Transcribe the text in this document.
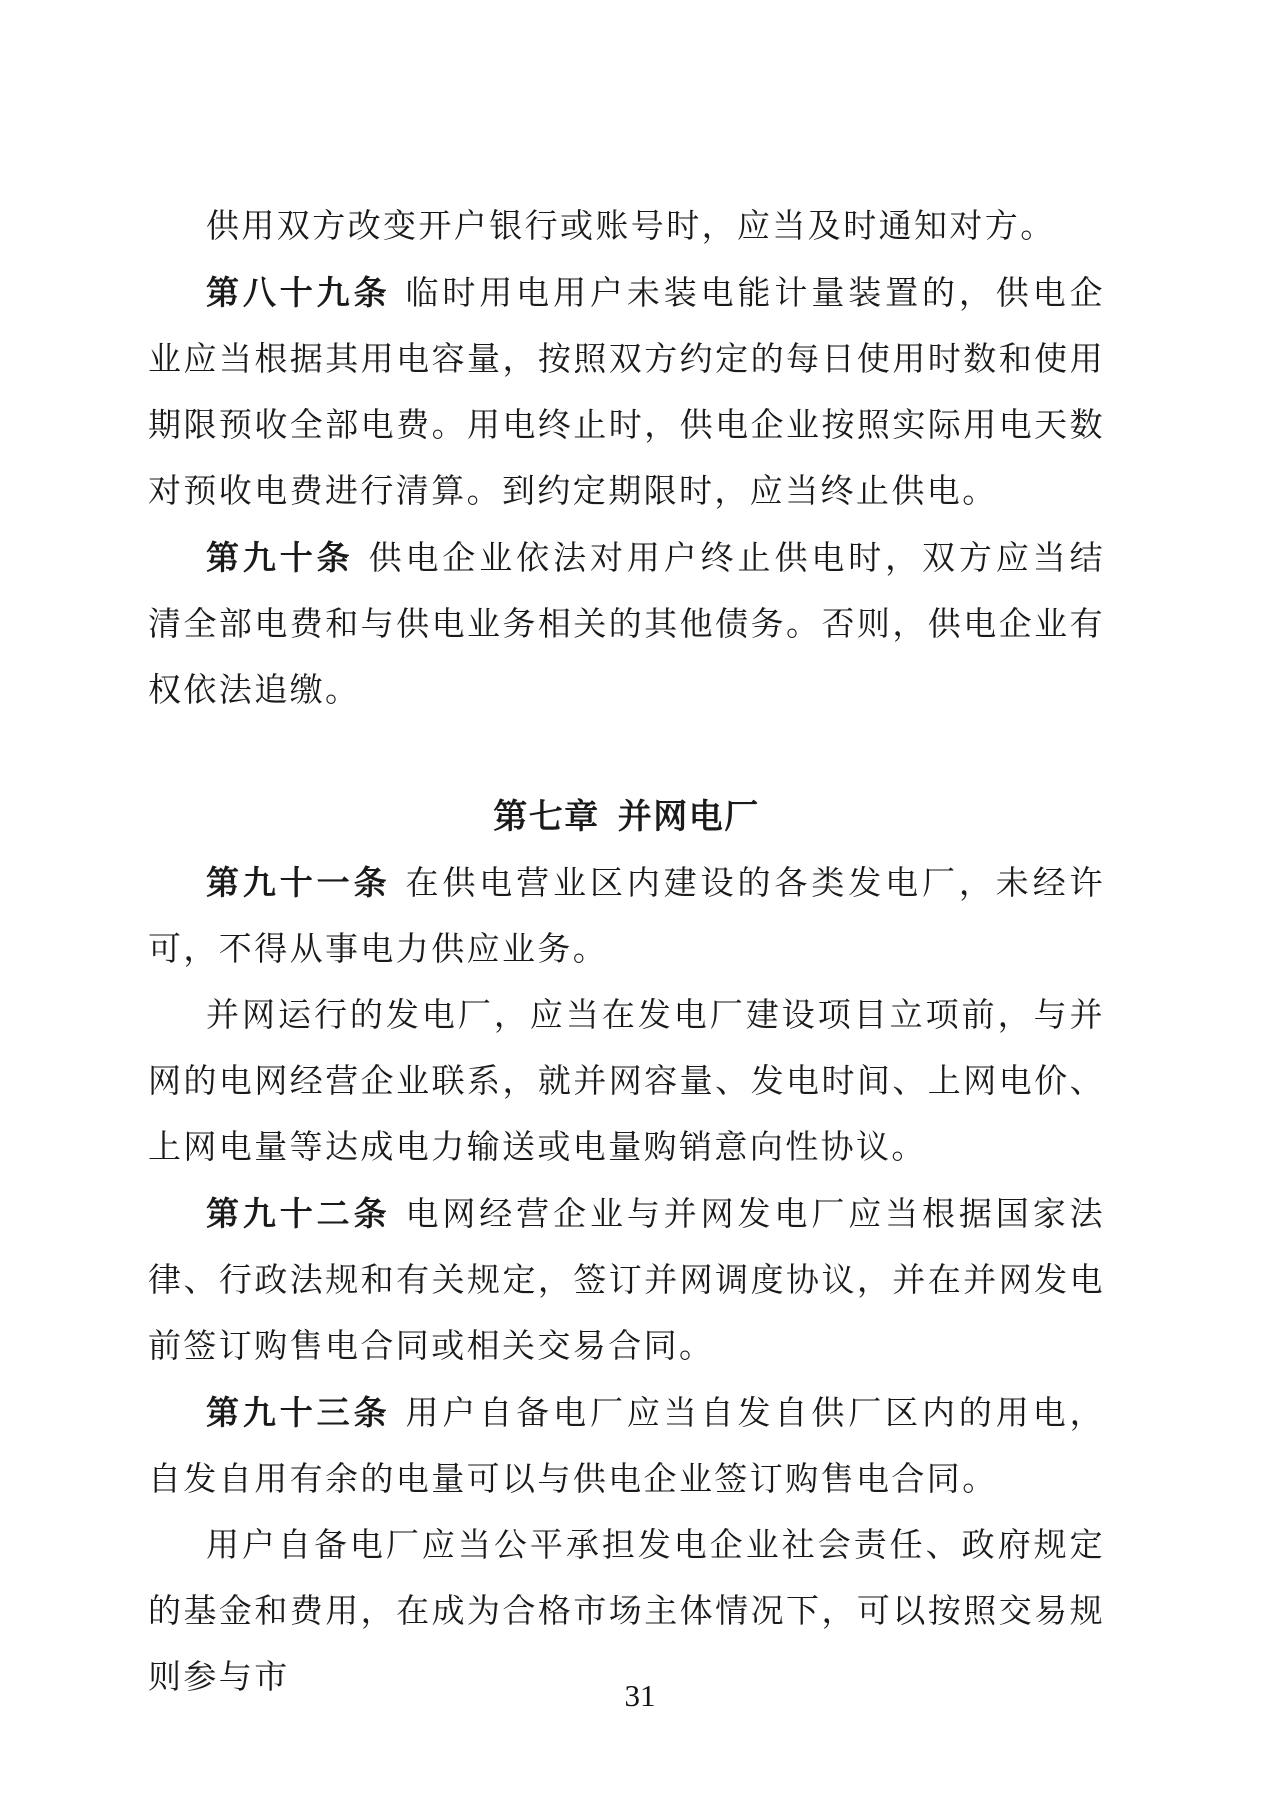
供用双方改变开户银行或账号时，应当及时通知对方。

第八十九条 临时用电用户未装电能计量装置的，供电企业应当根据其用电容量，按照双方约定的每日使用时数和使用期限预收全部电费。用电终止时，供电企业按照实际用电天数对预收电费进行清算。到约定期限时，应当终止供电。

第九十条 供电企业依法对用户终止供电时，双方应当结清全部电费和与供电业务相关的其他债务。否则，供电企业有权依法追缴。

第七章 并网电厂

第九十一条 在供电营业区内建设的各类发电厂，未经许可，不得从事电力供应业务。

并网运行的发电厂，应当在发电厂建设项目立项前，与并网的电网经营企业联系，就并网容量、发电时间、上网电价、上网电量等达成电力输送或电量购销意向性协议。

第九十二条 电网经营企业与并网发电厂应当根据国家法律、行政法规和有关规定，签订并网调度协议，并在并网发电前签订购售电合同或相关交易合同。

第九十三条 用户自备电厂应当自发自供厂区内的用电，自发自用有余的电量可以与供电企业签订购售电合同。

用户自备电厂应当公平承担发电企业社会责任、政府规定的基金和费用，在成为合格市场主体情况下，可以按照交易规则参与市	31
